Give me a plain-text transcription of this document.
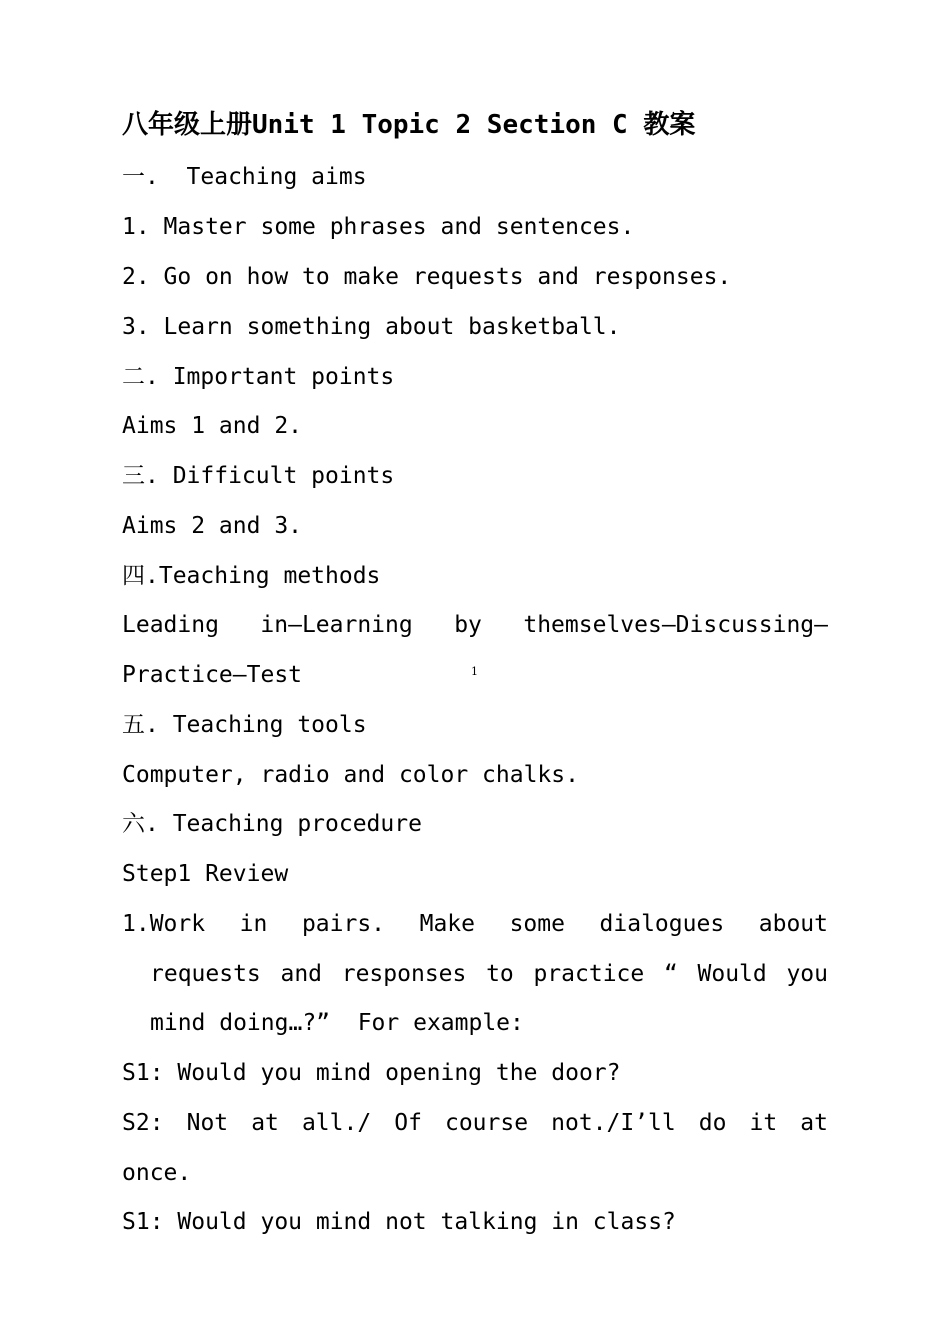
八年级上册Unit 1 Topic 2 Section C 教案
一.  Teaching aims
1. Master some phrases and sentences.
2. Go on how to make requests and responses.
3. Learn something about basketball.
二. Important points
Aims 1 and 2.
三. Difficult points
Aims 2 and 3.
四.Teaching methods
Leading in—Learning by themselves—Discussing—
Practice—Test	1
五. Teaching tools
Computer, radio and color chalks.
六. Teaching procedure
Step1 Review
1.Work in pairs. Make some dialogues about
requests and responses to practice “ Would you
mind doing…?”  For example:
S1: Would you mind opening the door?
S2: Not at all./ Of course not./I’ll do it at
once.
S1: Would you mind not talking in class?
